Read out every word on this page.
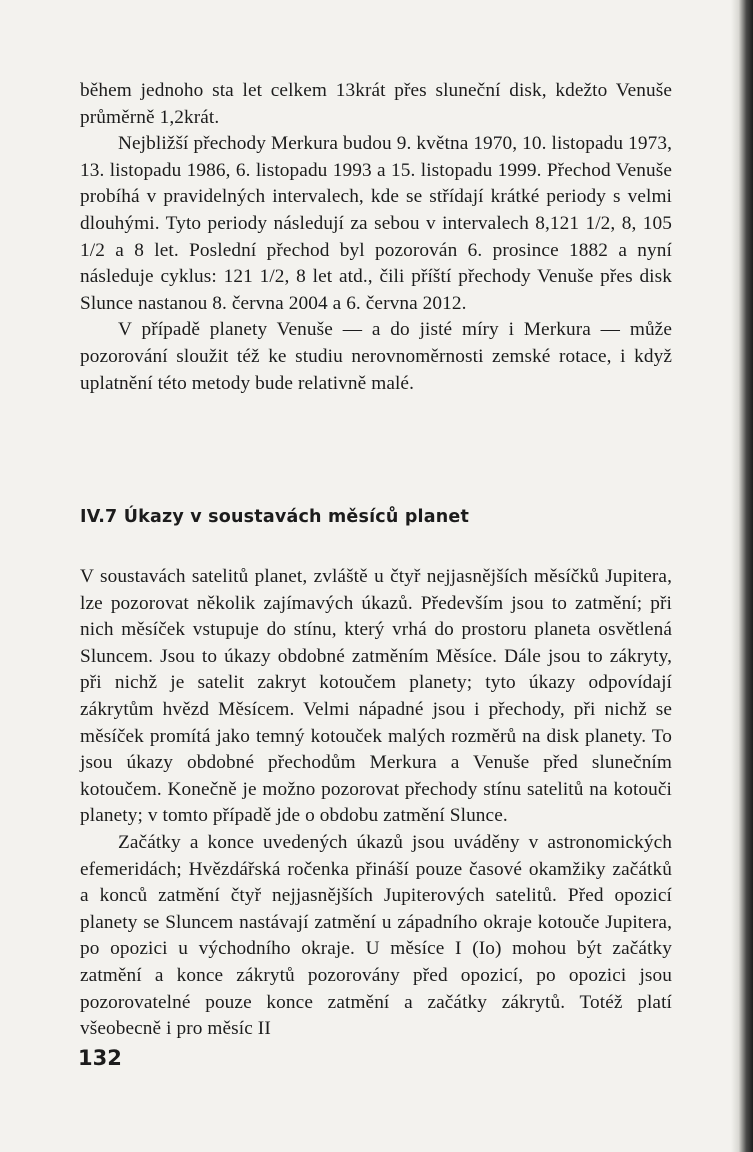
během jednoho sta let celkem 13krát přes sluneční disk, kdežto Venuše průměrně 1,2krát.

Nejbližší přechody Merkura budou 9. května 1970, 10. listopadu 1973, 13. listopadu 1986, 6. listopadu 1993 a 15. listopadu 1999. Přechod Venuše probíhá v pravidelných intervalech, kde se střídají krátké periody s velmi dlouhými. Tyto periody následují za sebou v intervalech 8,121 1/2, 8, 105 1/2 a 8 let. Poslední přechod byl pozorován 6. prosince 1882 a nyní následuje cyklus: 121 1/2, 8 let atd., čili příští přechody Venuše přes disk Slunce nastanou 8. června 2004 a 6. června 2012.

V případě planety Venuše — a do jisté míry i Merkura — může pozorování sloužit též ke studiu nerovnoměrnosti zemské rotace, i když uplatnění této metody bude relativně malé.

IV.7 Úkazy v soustavách měsíců planet

V soustavách satelitů planet, zvláště u čtyř nejjasnějších měsíčků Jupitera, lze pozorovat několik zajímavých úkazů. Především jsou to zatmění; při nich měsíček vstupuje do stínu, který vrhá do prostoru planeta osvětlená Sluncem. Jsou to úkazy obdobné zatměním Měsíce. Dále jsou to zákryty, při nichž je satelit zakryt kotoučem planety; tyto úkazy odpovídají zákrytům hvězd Měsícem. Velmi nápadné jsou i přechody, při nichž se měsíček promítá jako temný kotouček malých rozměrů na disk planety. To jsou úkazy obdobné přechodům Merkura a Venuše před slunečním kotoučem. Konečně je možno pozorovat přechody stínu satelitů na kotouči planety; v tomto případě jde o obdobu zatmění Slunce.

Začátky a konce uvedených úkazů jsou uváděny v astronomických efemeridách; Hvězdářská ročenka přináší pouze časové okamžiky začátků a konců zatmění čtyř nejjasnějších Jupiterových satelitů. Před opozicí planety se Sluncem nastávají zatmění u západního okraje kotouče Jupitera, po opozici u východního okraje. U měsíce I (Io) mohou být začátky zatmění a konce zákrytů pozorovány před opozicí, po opozici jsou pozorovatelné pouze konce zatmění a začátky zákrytů. Totéž platí všeobecně i pro měsíc II

132
